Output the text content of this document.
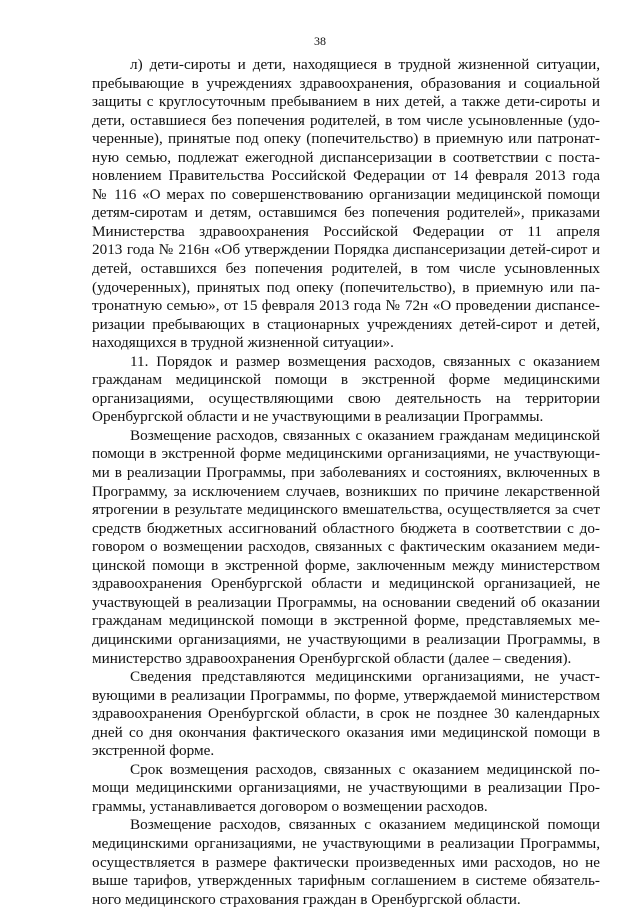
38
л) дети-сироты и дети, находящиеся в трудной жизненной ситуации,
пребывающие в учреждениях здравоохранения, образования и социальной
защиты с круглосуточным пребыванием в них детей, а также дети-сироты и
дети, оставшиеся без попечения родителей, в том числе усыновленные (удо-
черенные), принятые под опеку (попечительство) в приемную или патронат-
ную семью, подлежат ежегодной диспансеризации в соответствии с поста-
новлением Правительства Российской Федерации от 14 февраля 2013 года
№ 116 «О мерах по совершенствованию организации медицинской помощи
детям-сиротам и детям, оставшимся без попечения родителей», приказами
Министерства здравоохранения Российской Федерации от 11 апреля
2013 года № 216н «Об утверждении Порядка диспансеризации детей-сирот и
детей, оставшихся без попечения родителей, в том числе усыновленных
(удочеренных), принятых под опеку (попечительство), в приемную или па-
тронатную семью», от 15 февраля 2013 года № 72н «О проведении диспансе-
ризации пребывающих в стационарных учреждениях детей-сирот и детей,
находящихся в трудной жизненной ситуации».
11. Порядок и размер возмещения расходов, связанных с оказанием
гражданам медицинской помощи в экстренной форме медицинскими
организациями, осуществляющими свою деятельность на территории
Оренбургской области и не участвующими в реализации Программы.
Возмещение расходов, связанных с оказанием гражданам медицинской
помощи в экстренной форме медицинскими организациями, не участвующи-
ми в реализации Программы, при заболеваниях и состояниях, включенных в
Программу, за исключением случаев, возникших по причине лекарственной
ятрогении в результате медицинского вмешательства, осуществляется за счет
средств бюджетных ассигнований областного бюджета в соответствии с до-
говором о возмещении расходов, связанных с фактическим оказанием меди-
цинской помощи в экстренной форме, заключенным между министерством
здравоохранения Оренбургской области и медицинской организацией, не
участвующей в реализации Программы, на основании сведений об оказании
гражданам медицинской помощи в экстренной форме, представляемых ме-
дицинскими организациями, не участвующими в реализации Программы, в
министерство здравоохранения Оренбургской области (далее – сведения).
Сведения представляются медицинскими организациями, не участ-
вующими в реализации Программы, по форме, утверждаемой министерством
здравоохранения Оренбургской области, в срок не позднее 30 календарных
дней со дня окончания фактического оказания ими медицинской помощи в
экстренной форме.
Срок возмещения расходов, связанных с оказанием медицинской по-
мощи медицинскими организациями, не участвующими в реализации Про-
граммы, устанавливается договором о возмещении расходов.
Возмещение расходов, связанных с оказанием медицинской помощи
медицинскими организациями, не участвующими в реализации Программы,
осуществляется в размере фактически произведенных ими расходов, но не
выше тарифов, утвержденных тарифным соглашением в системе обязатель-
ного медицинского страхования граждан в Оренбургской области.
